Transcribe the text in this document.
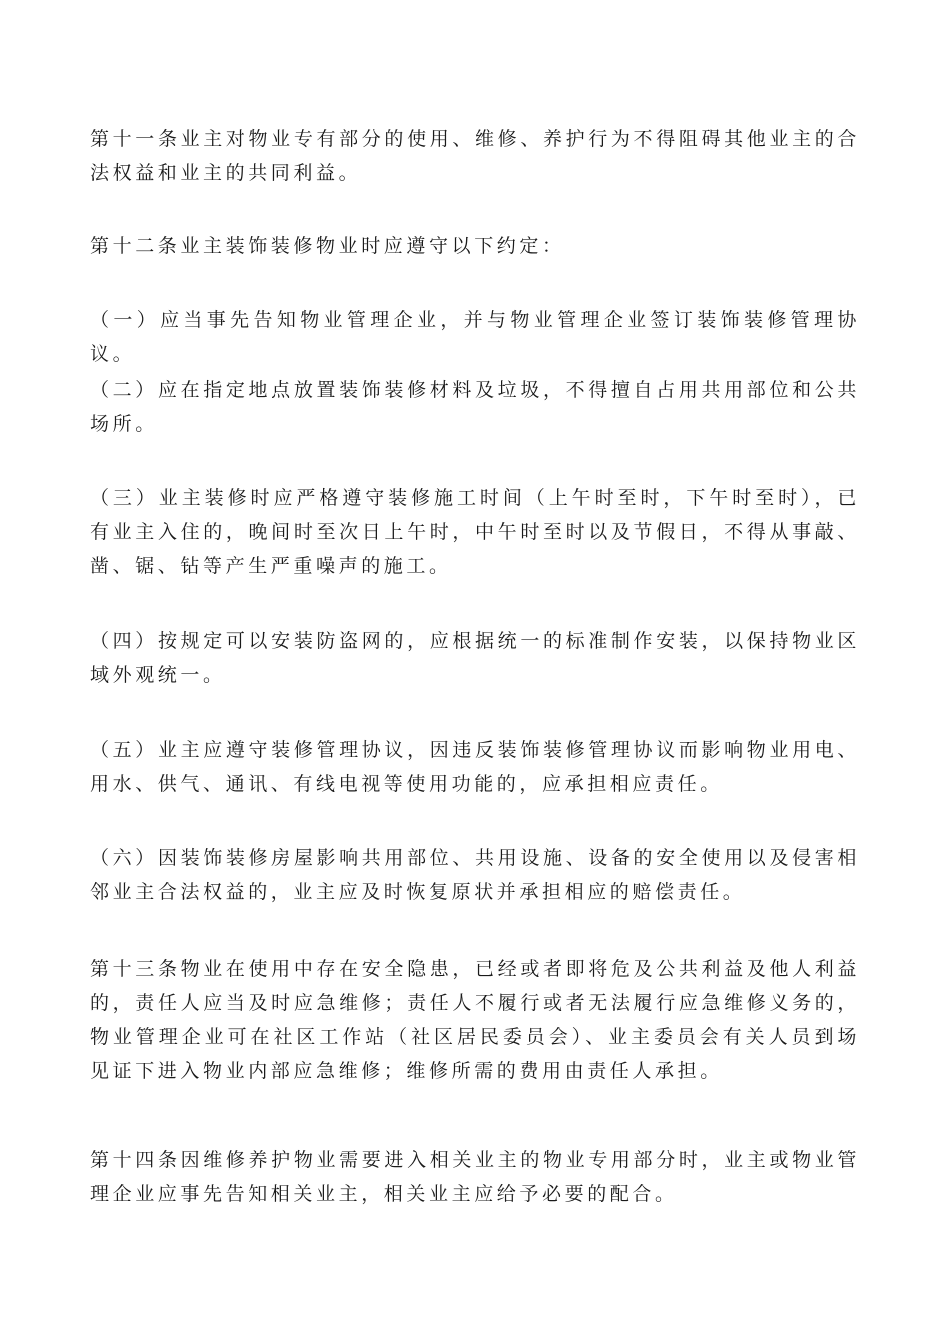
第十一条业主对物业专有部分的使用、维修、养护行为不得阻碍其他业主的合法权益和业主的共同利益。

第十二条业主装饰装修物业时应遵守以下约定：

（一）应当事先告知物业管理企业，并与物业管理企业签订装饰装修管理协议。

（二）应在指定地点放置装饰装修材料及垃圾，不得擅自占用共用部位和公共场所。

（三）业主装修时应严格遵守装修施工时间（上午时至时，下午时至时），已有业主入住的，晚间时至次日上午时，中午时至时以及节假日，不得从事敲、凿、锯、钻等产生严重噪声的施工。

（四）按规定可以安装防盗网的，应根据统一的标准制作安装，以保持物业区域外观统一。

（五）业主应遵守装修管理协议，因违反装饰装修管理协议而影响物业用电、用水、供气、通讯、有线电视等使用功能的，应承担相应责任。

（六）因装饰装修房屋影响共用部位、共用设施、设备的安全使用以及侵害相邻业主合法权益的，业主应及时恢复原状并承担相应的赔偿责任。

第十三条物业在使用中存在安全隐患，已经或者即将危及公共利益及他人利益的，责任人应当及时应急维修；责任人不履行或者无法履行应急维修义务的，物业管理企业可在社区工作站（社区居民委员会）、业主委员会有关人员到场见证下进入物业内部应急维修；维修所需的费用由责任人承担。

第十四条因维修养护物业需要进入相关业主的物业专用部分时，业主或物业管理企业应事先告知相关业主，相关业主应给予必要的配合。
